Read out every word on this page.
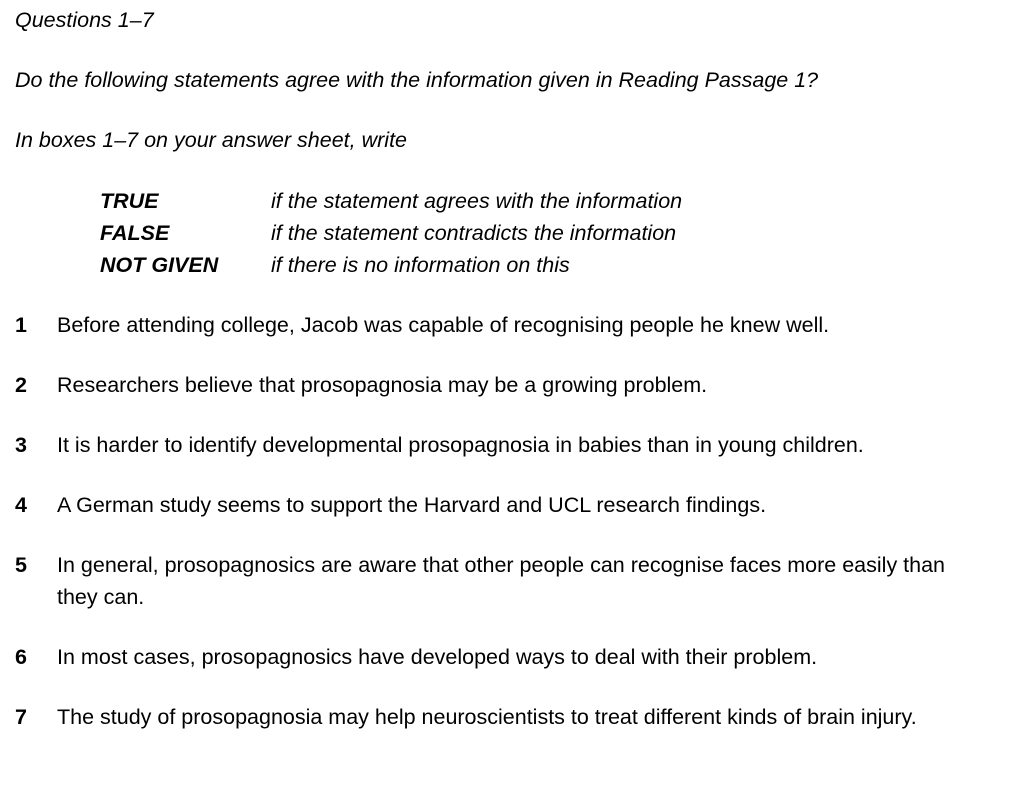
Questions 1–7

Do the following statements agree with the information given in Reading Passage 1?

In boxes 1–7 on your answer sheet, write

TRUE	if the statement agrees with the information
FALSE	if the statement contradicts the information
NOT GIVEN	if there is no information on this
1 Before attending college, Jacob was capable of recognising people he knew well.
2 Researchers believe that prosopagnosia may be a growing problem.
3 It is harder to identify developmental prosopagnosia in babies than in young children.
4 A German study seems to support the Harvard and UCL research findings.
5 In general, prosopagnosics are aware that other people can recognise faces more easily than they can.
6 In most cases, prosopagnosics have developed ways to deal with their problem.
7 The study of prosopagnosia may help neuroscientists to treat different kinds of brain injury.
